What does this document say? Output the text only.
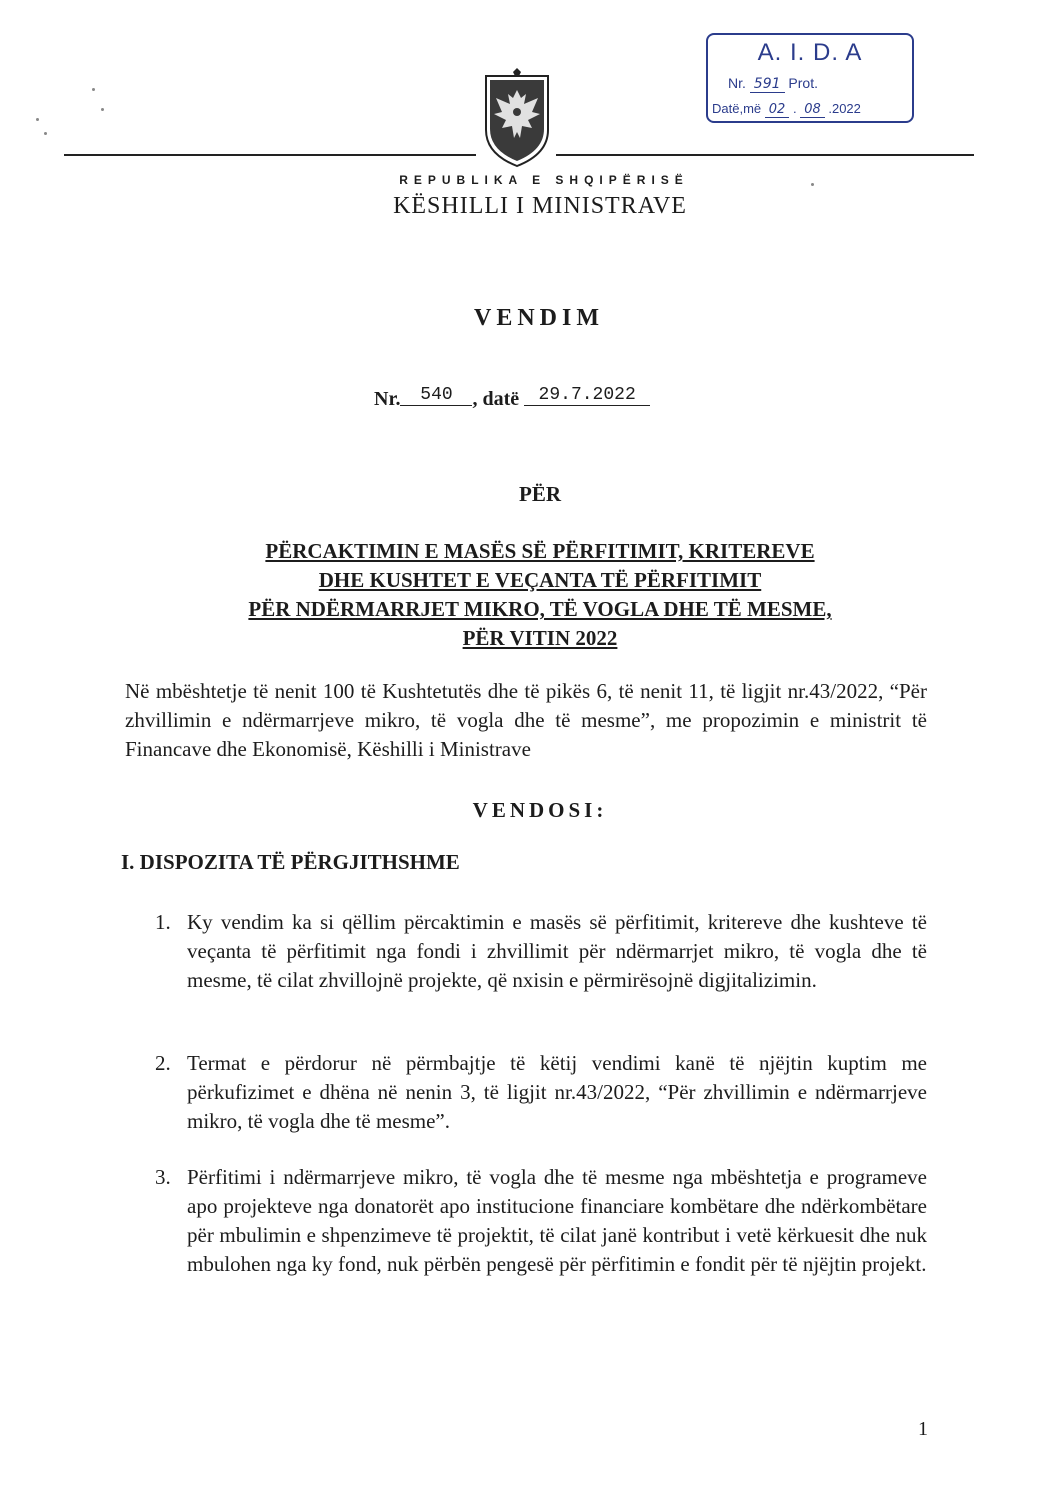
A. I. D. A
Nr. 591 Prot.
Datë,më 02 . 08 .2022
REPUBLIKA E SHQIPËRISË
KËSHILLI I MINISTRAVE
VENDIM
Nr. 540 , datë 29.7.2022
PËR
PËRCAKTIMIN E MASËS SË PËRFITIMIT, KRITEREVE
DHE KUSHTET E VEÇANTA TË PËRFITIMIT
PËR NDËRMARRJET MIKRO, TË VOGLA DHE TË MESME,
PËR VITIN 2022
Në mbështetje të nenit 100 të Kushtetutës dhe të pikës 6, të nenit 11, të ligjit nr.43/2022, “Për zhvillimin e ndërmarrjeve mikro, të vogla dhe të mesme”, me propozimin e ministrit të Financave dhe Ekonomisë, Këshilli i Ministrave
VENDOSI:
I. DISPOZITA TË PËRGJITHSHME
1. Ky vendim ka si qëllim përcaktimin e masës së përfitimit, kritereve dhe kushteve të veçanta të përfitimit nga fondi i zhvillimit për ndërmarrjet mikro, të vogla dhe të mesme, të cilat zhvillojnë projekte, që nxisin e përmirësojnë digjitalizimin.
2. Termat e përdorur në përmbajtje të këtij vendimi kanë të njëjtin kuptim me përkufizimet e dhëna në nenin 3, të ligjit nr.43/2022, “Për zhvillimin e ndërmarrjeve mikro, të vogla dhe të mesme”.
3. Përfitimi i ndërmarrjeve mikro, të vogla dhe të mesme nga mbështetja e programeve apo projekteve nga donatorët apo institucione financiare kombëtare dhe ndërkombëtare për mbulimin e shpenzimeve të projektit, të cilat janë kontribut i vetë kërkuesit dhe nuk mbulohen nga ky fond, nuk përbën pengesë për përfitimin e fondit për të njëjtin projekt.
1
